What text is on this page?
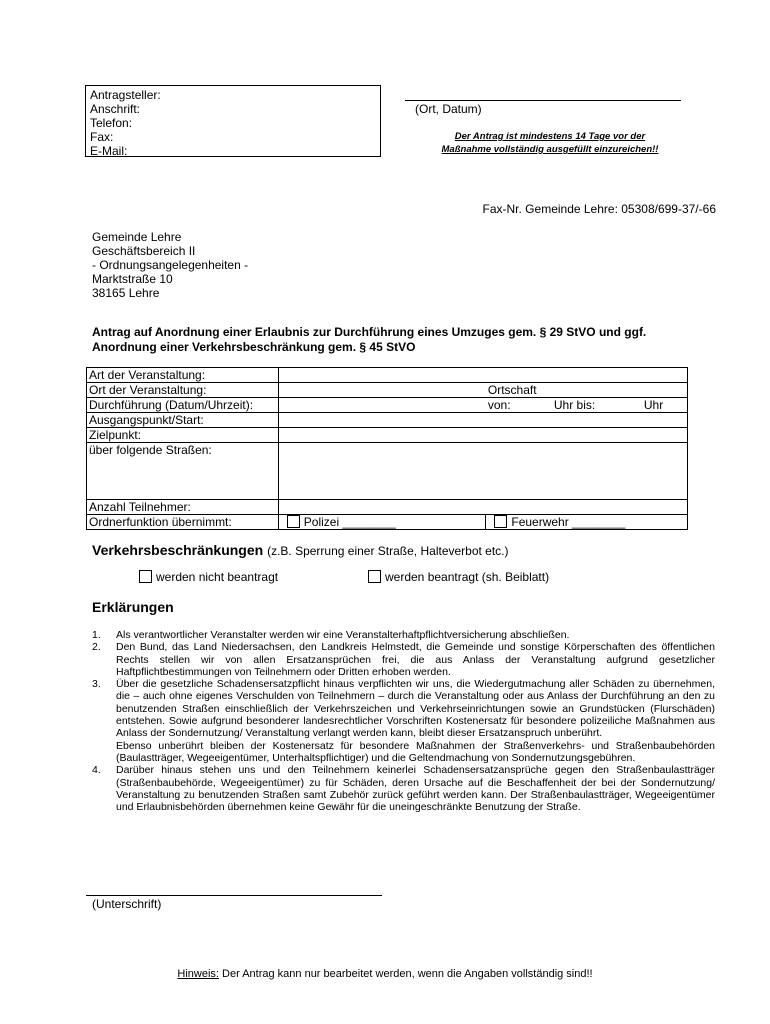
Antragsteller:
Anschrift:
Telefon:
Fax:
E-Mail:
(Ort, Datum)
Der Antrag ist mindestens 14 Tage vor der
Maßnahme vollständig ausgefüllt einzureichen!!
Fax-Nr. Gemeinde Lehre: 05308/699-37/-66
Gemeinde Lehre
Geschäftsbereich II
- Ordnungsangelegenheiten -
Marktstraße 10
38165 Lehre
Antrag auf Anordnung einer Erlaubnis zur Durchführung eines Umzuges gem. § 29 StVO und ggf.
Anordnung einer Verkehrsbeschränkung gem. § 45 StVO
Art der Veranstaltung:		
Ort der Veranstaltung:		Ortschaft
Durchführung (Datum/Uhrzeit):		von: Uhr bis: Uhr

Ausgangspunkt/Start:		
Zielpunkt:		
über folgende Straßen:		
Anzahl Teilnehmer:		
Ordnerfunktion übernimmt:	Polizei ________	Feuerwehr ________
Verkehrsbeschränkungen (z.B. Sperrung einer Straße, Halteverbot etc.)
werden nicht beantragt	werden beantragt (sh. Beiblatt)
Erklärungen
1.	Als verantwortlicher Veranstalter werden wir eine Veranstalterhaftpflichtversicherung abschließen.
2.	Den Bund, das Land Niedersachsen, den Landkreis Helmstedt, die Gemeinde und sonstige Körperschaften des öffentlichen Rechts stellen wir von allen Ersatzansprüchen frei, die aus Anlass der Veranstaltung aufgrund gesetzlicher Haftpflichtbestimmungen von Teilnehmern oder Dritten erhoben werden.
3.	Über die gesetzliche Schadensersatzpflicht hinaus verpflichten wir uns, die Wiedergutmachung aller Schäden zu übernehmen, die – auch ohne eigenes Verschulden von Teilnehmern – durch die Veranstaltung oder aus Anlass der Durchführung an den zu benutzenden Straßen einschließlich der Verkehrszeichen und Verkehrseinrichtungen sowie an Grundstücken (Flurschäden) entstehen. Sowie aufgrund besonderer landesrechtlicher Vorschriften Kostenersatz für besondere polizeiliche Maßnahmen aus Anlass der Sondernutzung/ Veranstaltung verlangt werden kann, bleibt dieser Ersatzanspruch unberührt.
Ebenso unberührt bleiben der Kostenersatz für besondere Maßnahmen der Straßenverkehrs- und Straßenbaubehörden (Baulastträger, Wegeeigentümer, Unterhaltspflichtiger) und die Geltendmachung von Sondernutzungsgebühren.
4.	Darüber hinaus stehen uns und den Teilnehmern keinerlei Schadensersatzansprüche gegen den Straßenbaulastträger (Straßenbaubehörde, Wegeeigentümer) zu für Schäden, deren Ursache auf die Beschaffenheit der bei der Sondernutzung/ Veranstaltung zu benutzenden Straßen samt Zubehör zurück geführt werden kann. Der Straßenbaulastträger, Wegeeigentümer und Erlaubnisbehörden übernehmen keine Gewähr für die uneingeschränkte Benutzung der Straße.
(Unterschrift)
Hinweis: Der Antrag kann nur bearbeitet werden, wenn die Angaben vollständig sind!!
